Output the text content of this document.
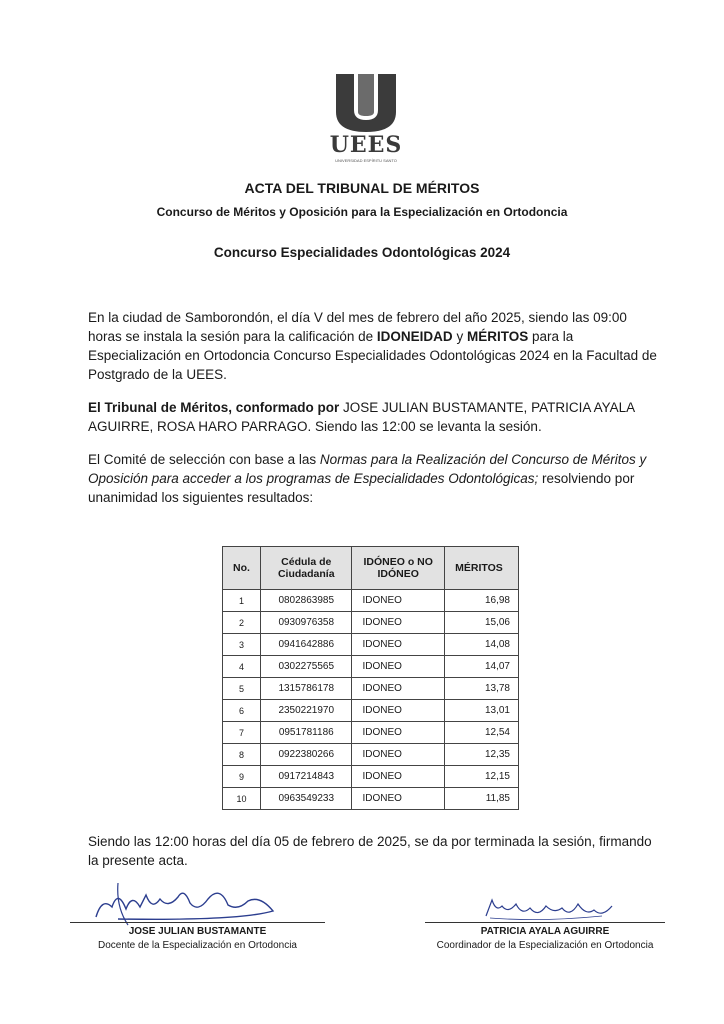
UEES
UNIVERSIDAD ESPÍRITU SANTO
ACTA DEL TRIBUNAL DE MÉRITOS
Concurso de Méritos y Oposición para la Especialización en Ortodoncia
Concurso Especialidades Odontológicas 2024
En la ciudad de Samborondón, el día V del mes de febrero del año 2025, siendo las 09:00 horas se instala la sesión para la calificación de IDONEIDAD y MÉRITOS para la Especialización en Ortodoncia Concurso Especialidades Odontológicas 2024 en la Facultad de Postgrado de la UEES.
El Tribunal de Méritos, conformado por JOSE JULIAN BUSTAMANTE, PATRICIA AYALA AGUIRRE, ROSA HARO PARRAGO. Siendo las 12:00 se levanta la sesión.
El Comité de selección con base a las Normas para la Realización del Concurso de Méritos y Oposición para acceder a los programas de Especialidades Odontológicas; resolviendo por unanimidad los siguientes resultados:
No.	Cédula de Ciudadanía	IDÓNEO o NO IDÓNEO	MÉRITOS
1	0802863985	IDONEO	16,98
2	0930976358	IDONEO	15,06
3	0941642886	IDONEO	14,08
4	0302275565	IDONEO	14,07
5	1315786178	IDONEO	13,78
6	2350221970	IDONEO	13,01
7	0951781186	IDONEO	12,54
8	0922380266	IDONEO	12,35
9	0917214843	IDONEO	12,15
10	0963549233	IDONEO	11,85
Siendo las 12:00 horas del día 05 de febrero de 2025, se da por terminada la sesión, firmando la presente acta.
JOSE JULIAN BUSTAMANTE
Docente de la Especialización en Ortodoncia
PATRICIA AYALA AGUIRRE
Coordinador de la Especialización en Ortodoncia
